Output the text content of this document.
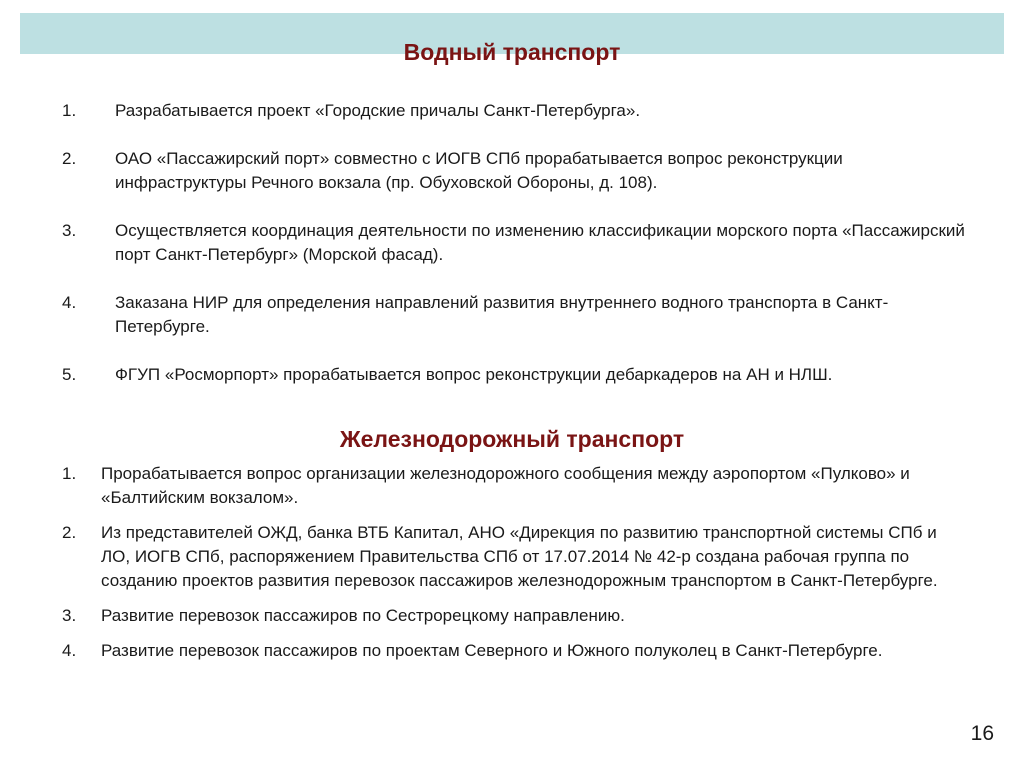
Водный транспорт
1. Разрабатывается проект «Городские причалы Санкт-Петербурга».
2. ОАО «Пассажирский порт» совместно с ИОГВ СПб прорабатывается вопрос реконструкции инфраструктуры Речного вокзала (пр. Обуховской Обороны, д. 108).
3. Осуществляется координация деятельности по изменению классификации морского порта «Пассажирский порт Санкт-Петербург» (Морской фасад).
4. Заказана НИР для определения направлений развития внутреннего водного транспорта в Санкт-Петербурге.
5. ФГУП «Росморпорт» прорабатывается вопрос реконструкции дебаркадеров на АН и НЛШ.
Железнодорожный транспорт
1. Прорабатывается вопрос организации железнодорожного сообщения между аэропортом «Пулково» и «Балтийским вокзалом».
2. Из представителей ОЖД, банка ВТБ Капитал, АНО «Дирекция по развитию транспортной системы СПб и ЛО, ИОГВ СПб, распоряжением Правительства СПб от 17.07.2014 № 42-р создана рабочая группа по созданию проектов развития перевозок пассажиров железнодорожным транспортом в Санкт-Петербурге.
3. Развитие перевозок пассажиров по Сестрорецкому направлению.
4. Развитие перевозок пассажиров по проектам Северного и Южного полуколец в Санкт-Петербурге.
16
